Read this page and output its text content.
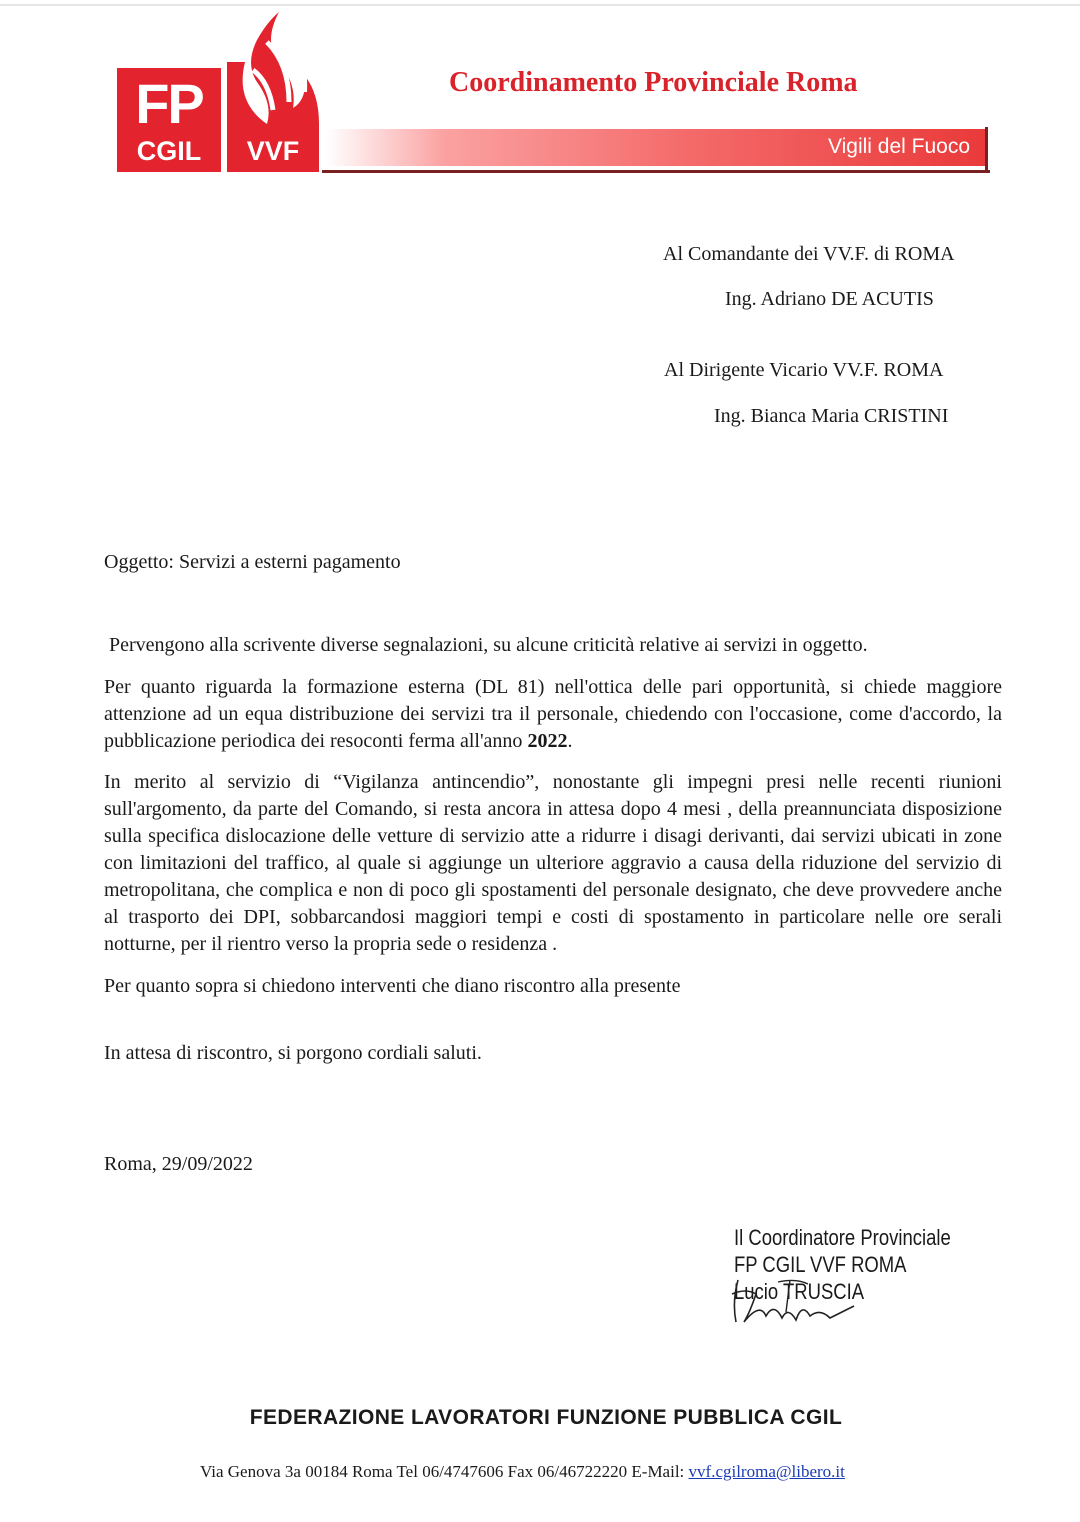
FP
CGIL	VVF
Coordinamento Provinciale Roma
Vigili del Fuoco
Al Comandante dei VV.F. di ROMA
Ing. Adriano DE ACUTIS
Al Dirigente Vicario VV.F. ROMA
Ing. Bianca Maria CRISTINI
Oggetto: Servizi a esterni pagamento
Pervengono alla scrivente diverse segnalazioni, su alcune criticità relative ai servizi in oggetto.
Per quanto riguarda la formazione esterna (DL 81) nell'ottica delle pari opportunità, si chiede maggiore attenzione ad un equa distribuzione dei servizi tra il personale, chiedendo con l'occasione, come d'accordo, la pubblicazione periodica dei resoconti ferma all'anno 2022.
In merito al servizio di “Vigilanza antincendio”, nonostante gli impegni presi nelle recenti riunioni sull'argomento, da parte del Comando, si resta ancora in attesa dopo 4 mesi , della preannunciata disposizione sulla specifica dislocazione delle vetture di servizio atte a ridurre i disagi derivanti, dai servizi ubicati in zone con limitazioni del traffico, al quale si aggiunge un ulteriore aggravio a causa della riduzione del servizio di metropolitana, che complica e non di poco gli spostamenti del personale designato, che deve provvedere anche al trasporto dei DPI, sobbarcandosi maggiori tempi e costi di spostamento in particolare nelle ore serali notturne, per il rientro verso la propria sede o residenza .
Per quanto sopra si chiedono interventi che diano riscontro alla presente
In attesa di riscontro, si porgono cordiali saluti.
Roma, 29/09/2022
Il Coordinatore Provinciale
FP CGIL VVF ROMA
Lucio TRUSCIA
FEDERAZIONE LAVORATORI FUNZIONE PUBBLICA CGIL
Via Genova 3a 00184 Roma Tel 06/4747606 Fax 06/46722220 E-Mail: vvf.cgilroma@libero.it
